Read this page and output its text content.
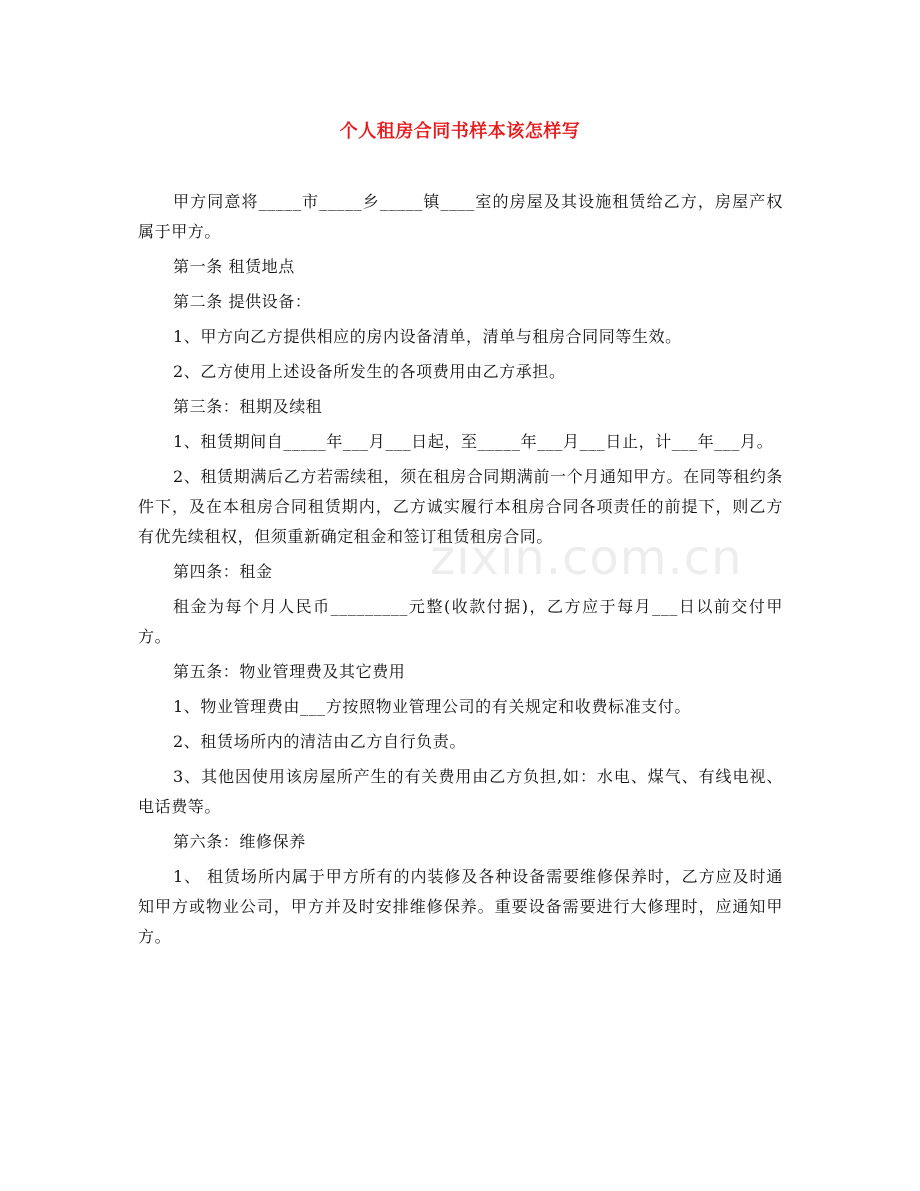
个人租房合同书样本该怎样写

甲方同意将_____市_____乡_____镇____室的房屋及其设施租赁给乙方，房屋产权属于甲方。

第一条 租赁地点

第二条 提供设备：

1、甲方向乙方提供相应的房内设备清单，清单与租房合同同等生效。

2、乙方使用上述设备所发生的各项费用由乙方承担。

第三条：租期及续租

1、租赁期间自_____年___月___日起，至_____年___月___日止，计___年___月。

2、租赁期满后乙方若需续租，须在租房合同期满前一个月通知甲方。在同等租约条件下，及在本租房合同租赁期内，乙方诚实履行本租房合同各项责任的前提下，则乙方有优先续租权，但须重新确定租金和签订租赁租房合同。

第四条：租金

租金为每个月人民币_________元整(收款付据)，乙方应于每月___日以前交付甲方。

第五条：物业管理费及其它费用

1、物业管理费由___方按照物业管理公司的有关规定和收费标准支付。

2、租赁场所内的清洁由乙方自行负责。

3、其他因使用该房屋所产生的有关费用由乙方负担,如：水电、煤气、有线电视、电话费等。

第六条：维修保养

1、 租赁场所内属于甲方所有的内装修及各种设备需要维修保养时，乙方应及时通知甲方或物业公司，甲方并及时安排维修保养。重要设备需要进行大修理时，应通知甲方。

zixin.com.cn
